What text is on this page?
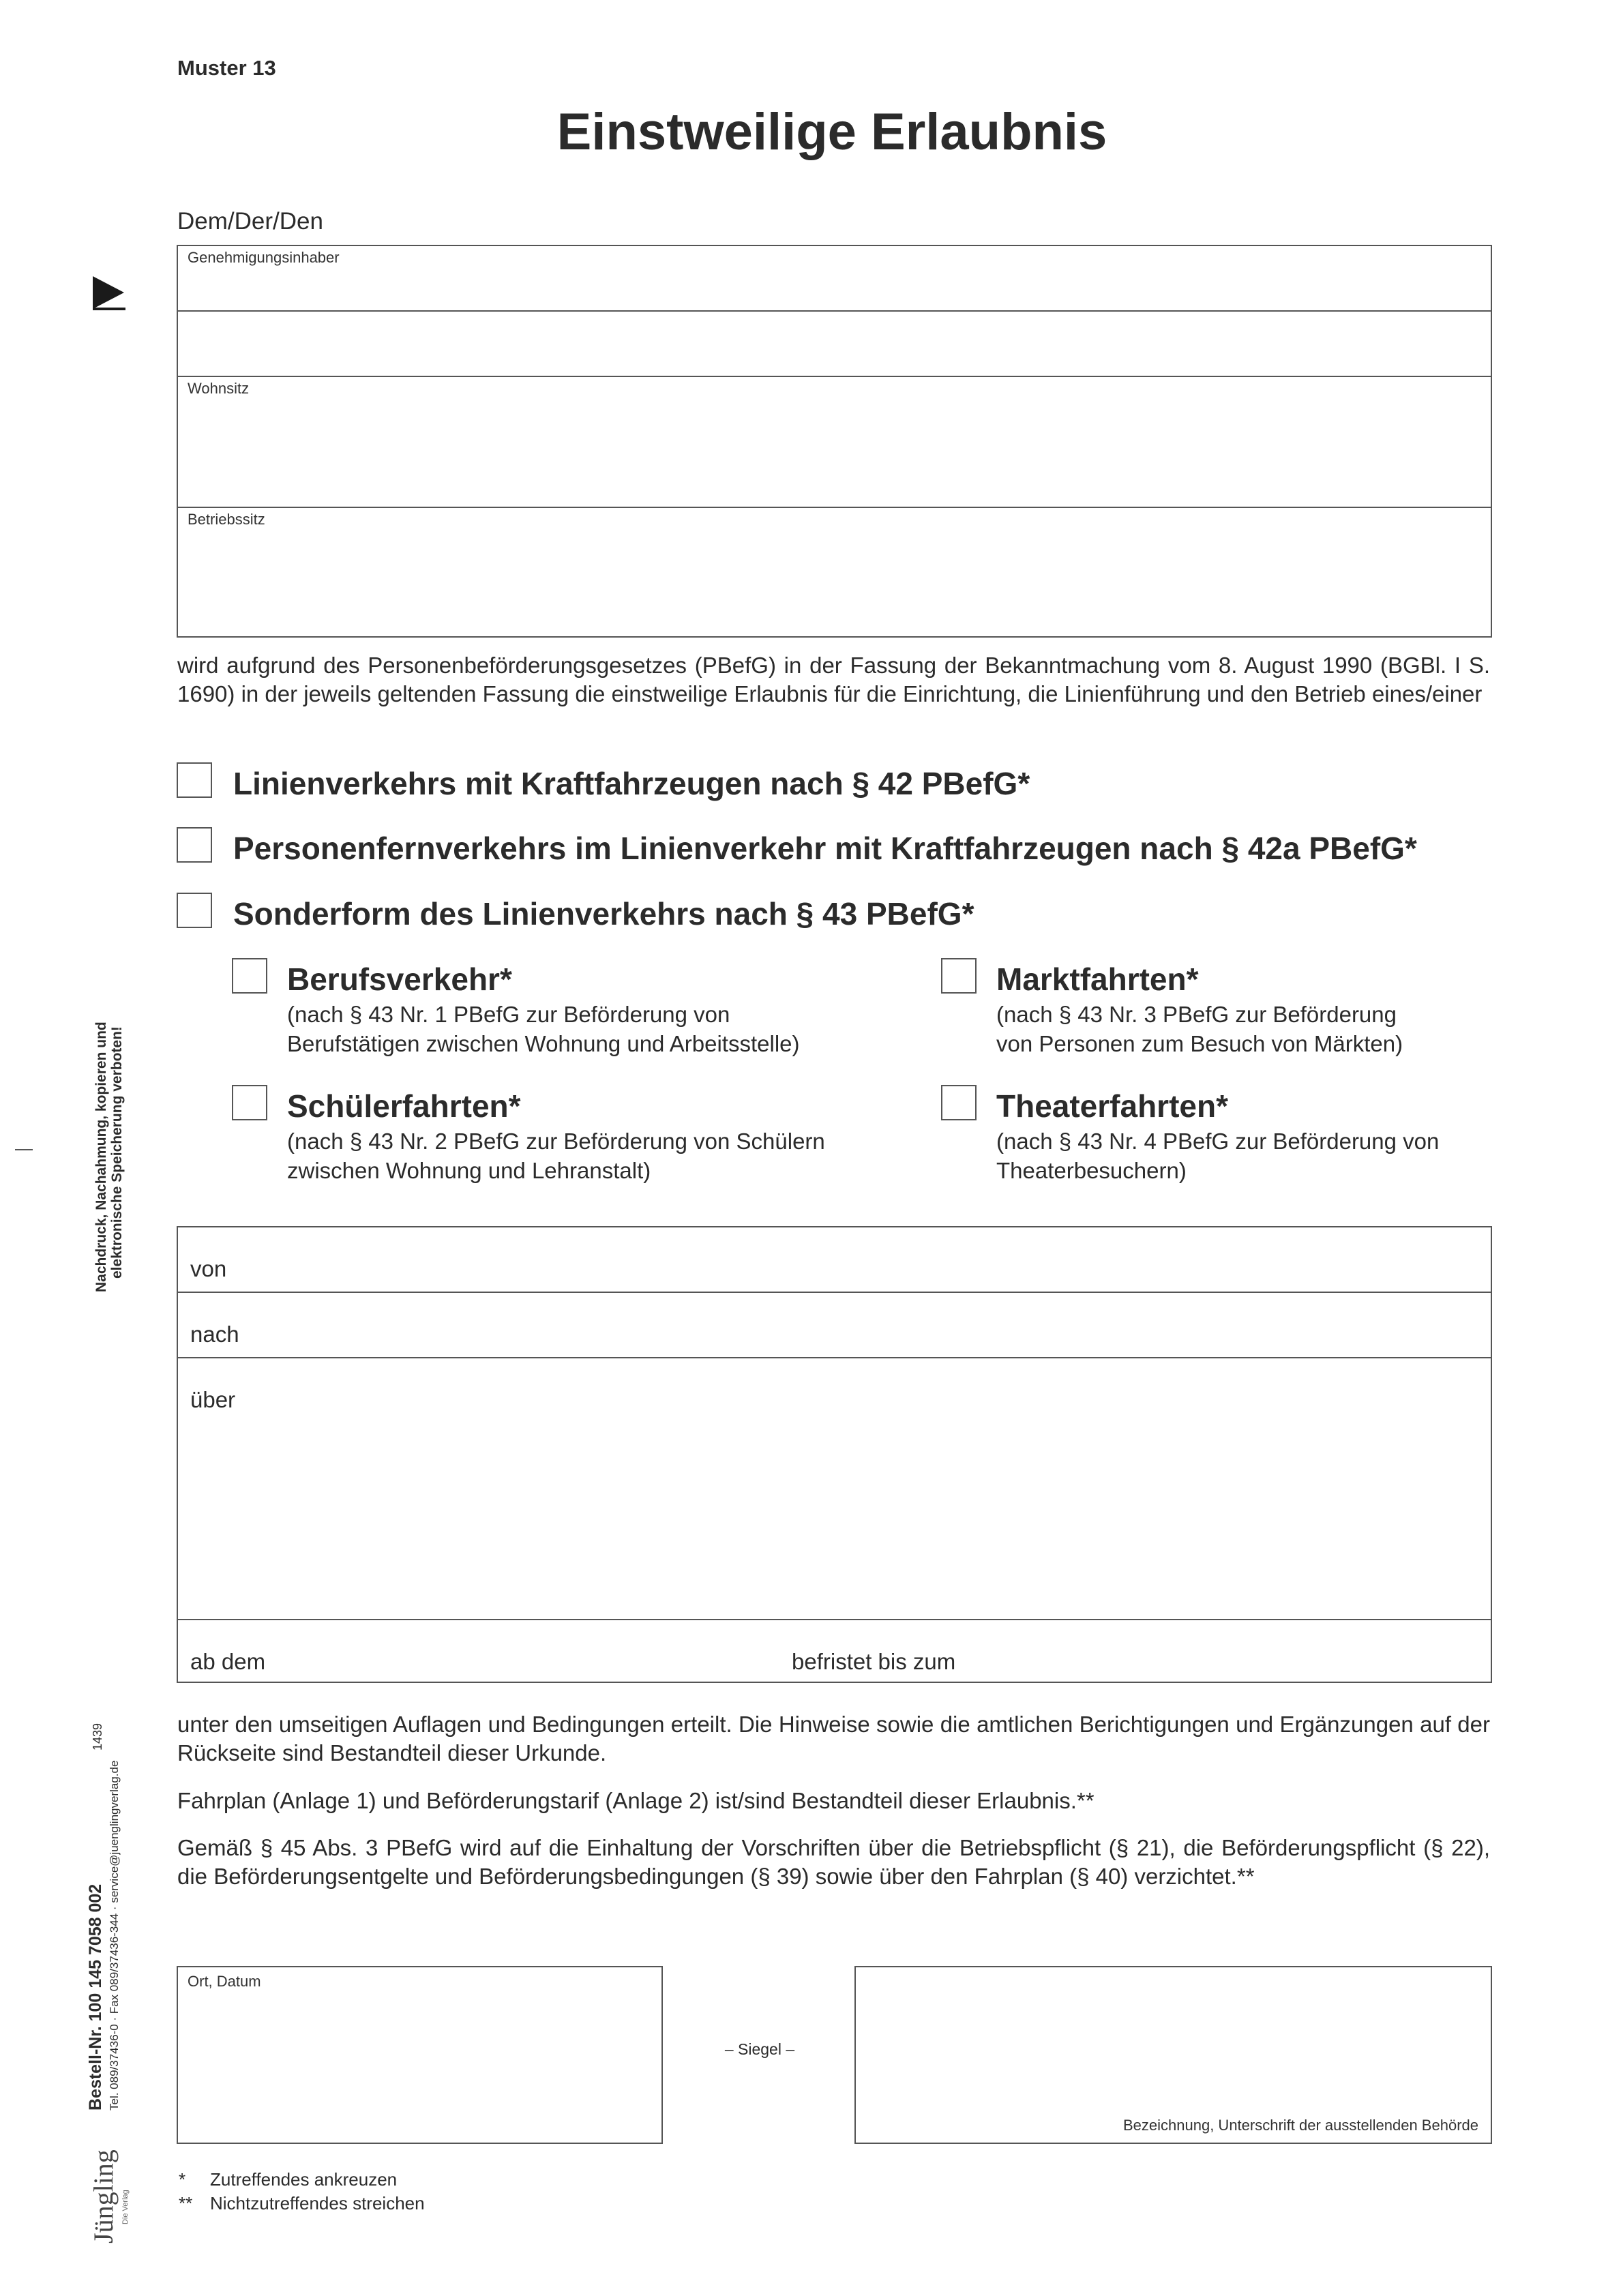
Muster 13
Einstweilige Erlaubnis
Dem/Der/Den
Genehmigungsinhaber
Wohnsitz
Betriebssitz
wird aufgrund des Personenbeförderungsgesetzes (PBefG) in der Fassung der Bekanntmachung vom 8. August 1990 (BGBl. I S. 1690) in der jeweils geltenden Fassung die einstweilige Erlaubnis für die Einrichtung, die Linienführung und den Betrieb eines/einer
Linienverkehrs mit Kraftfahrzeugen nach § 42 PBefG*
Personenfernverkehrs im Linienverkehr mit Kraftfahrzeugen nach § 42a PBefG*
Sonderform des Linienverkehrs nach § 43 PBefG*
Berufsverkehr*
(nach § 43 Nr. 1 PBefG zur Beförderung von
Berufstätigen zwischen Wohnung und Arbeitsstelle)
Marktfahrten*
(nach § 43 Nr. 3 PBefG zur Beförderung
von Personen zum Besuch von Märkten)
Schülerfahrten*
(nach § 43 Nr. 2 PBefG zur Beförderung von Schülern
zwischen Wohnung und Lehranstalt)
Theaterfahrten*
(nach § 43 Nr. 4 PBefG zur Beförderung von
Theaterbesuchern)
von
nach
über
ab dem	befristet bis zum
unter den umseitigen Auflagen und Bedingungen erteilt. Die Hinweise sowie die amtlichen Berichtigungen und Ergänzungen auf der Rückseite sind Bestandteil dieser Urkunde.
Fahrplan (Anlage 1) und Beförderungstarif (Anlage 2) ist/sind Bestandteil dieser Erlaubnis.**
Gemäß § 45 Abs. 3 PBefG wird auf die Einhaltung der Vorschriften über die Betriebspflicht (§ 21), die Beförderungspflicht (§ 22), die Beförderungsentgelte und Beförderungsbedingungen (§ 39) sowie über den Fahrplan (§ 40) verzichtet.**
Ort, Datum
– Siegel –
Bezeichnung, Unterschrift der ausstellenden Behörde
* Zutreffendes ankreuzen
** Nichtzutreffendes streichen
Nachdruck, Nachahmung, kopieren und elektronische Speicherung verboten!
Bestell-Nr. 100 145 7058 002 Tel. 089/37436-0 · Fax 089/37436-344 · service@juenglingverlag.de
1439
Jüngling Die Verlag
